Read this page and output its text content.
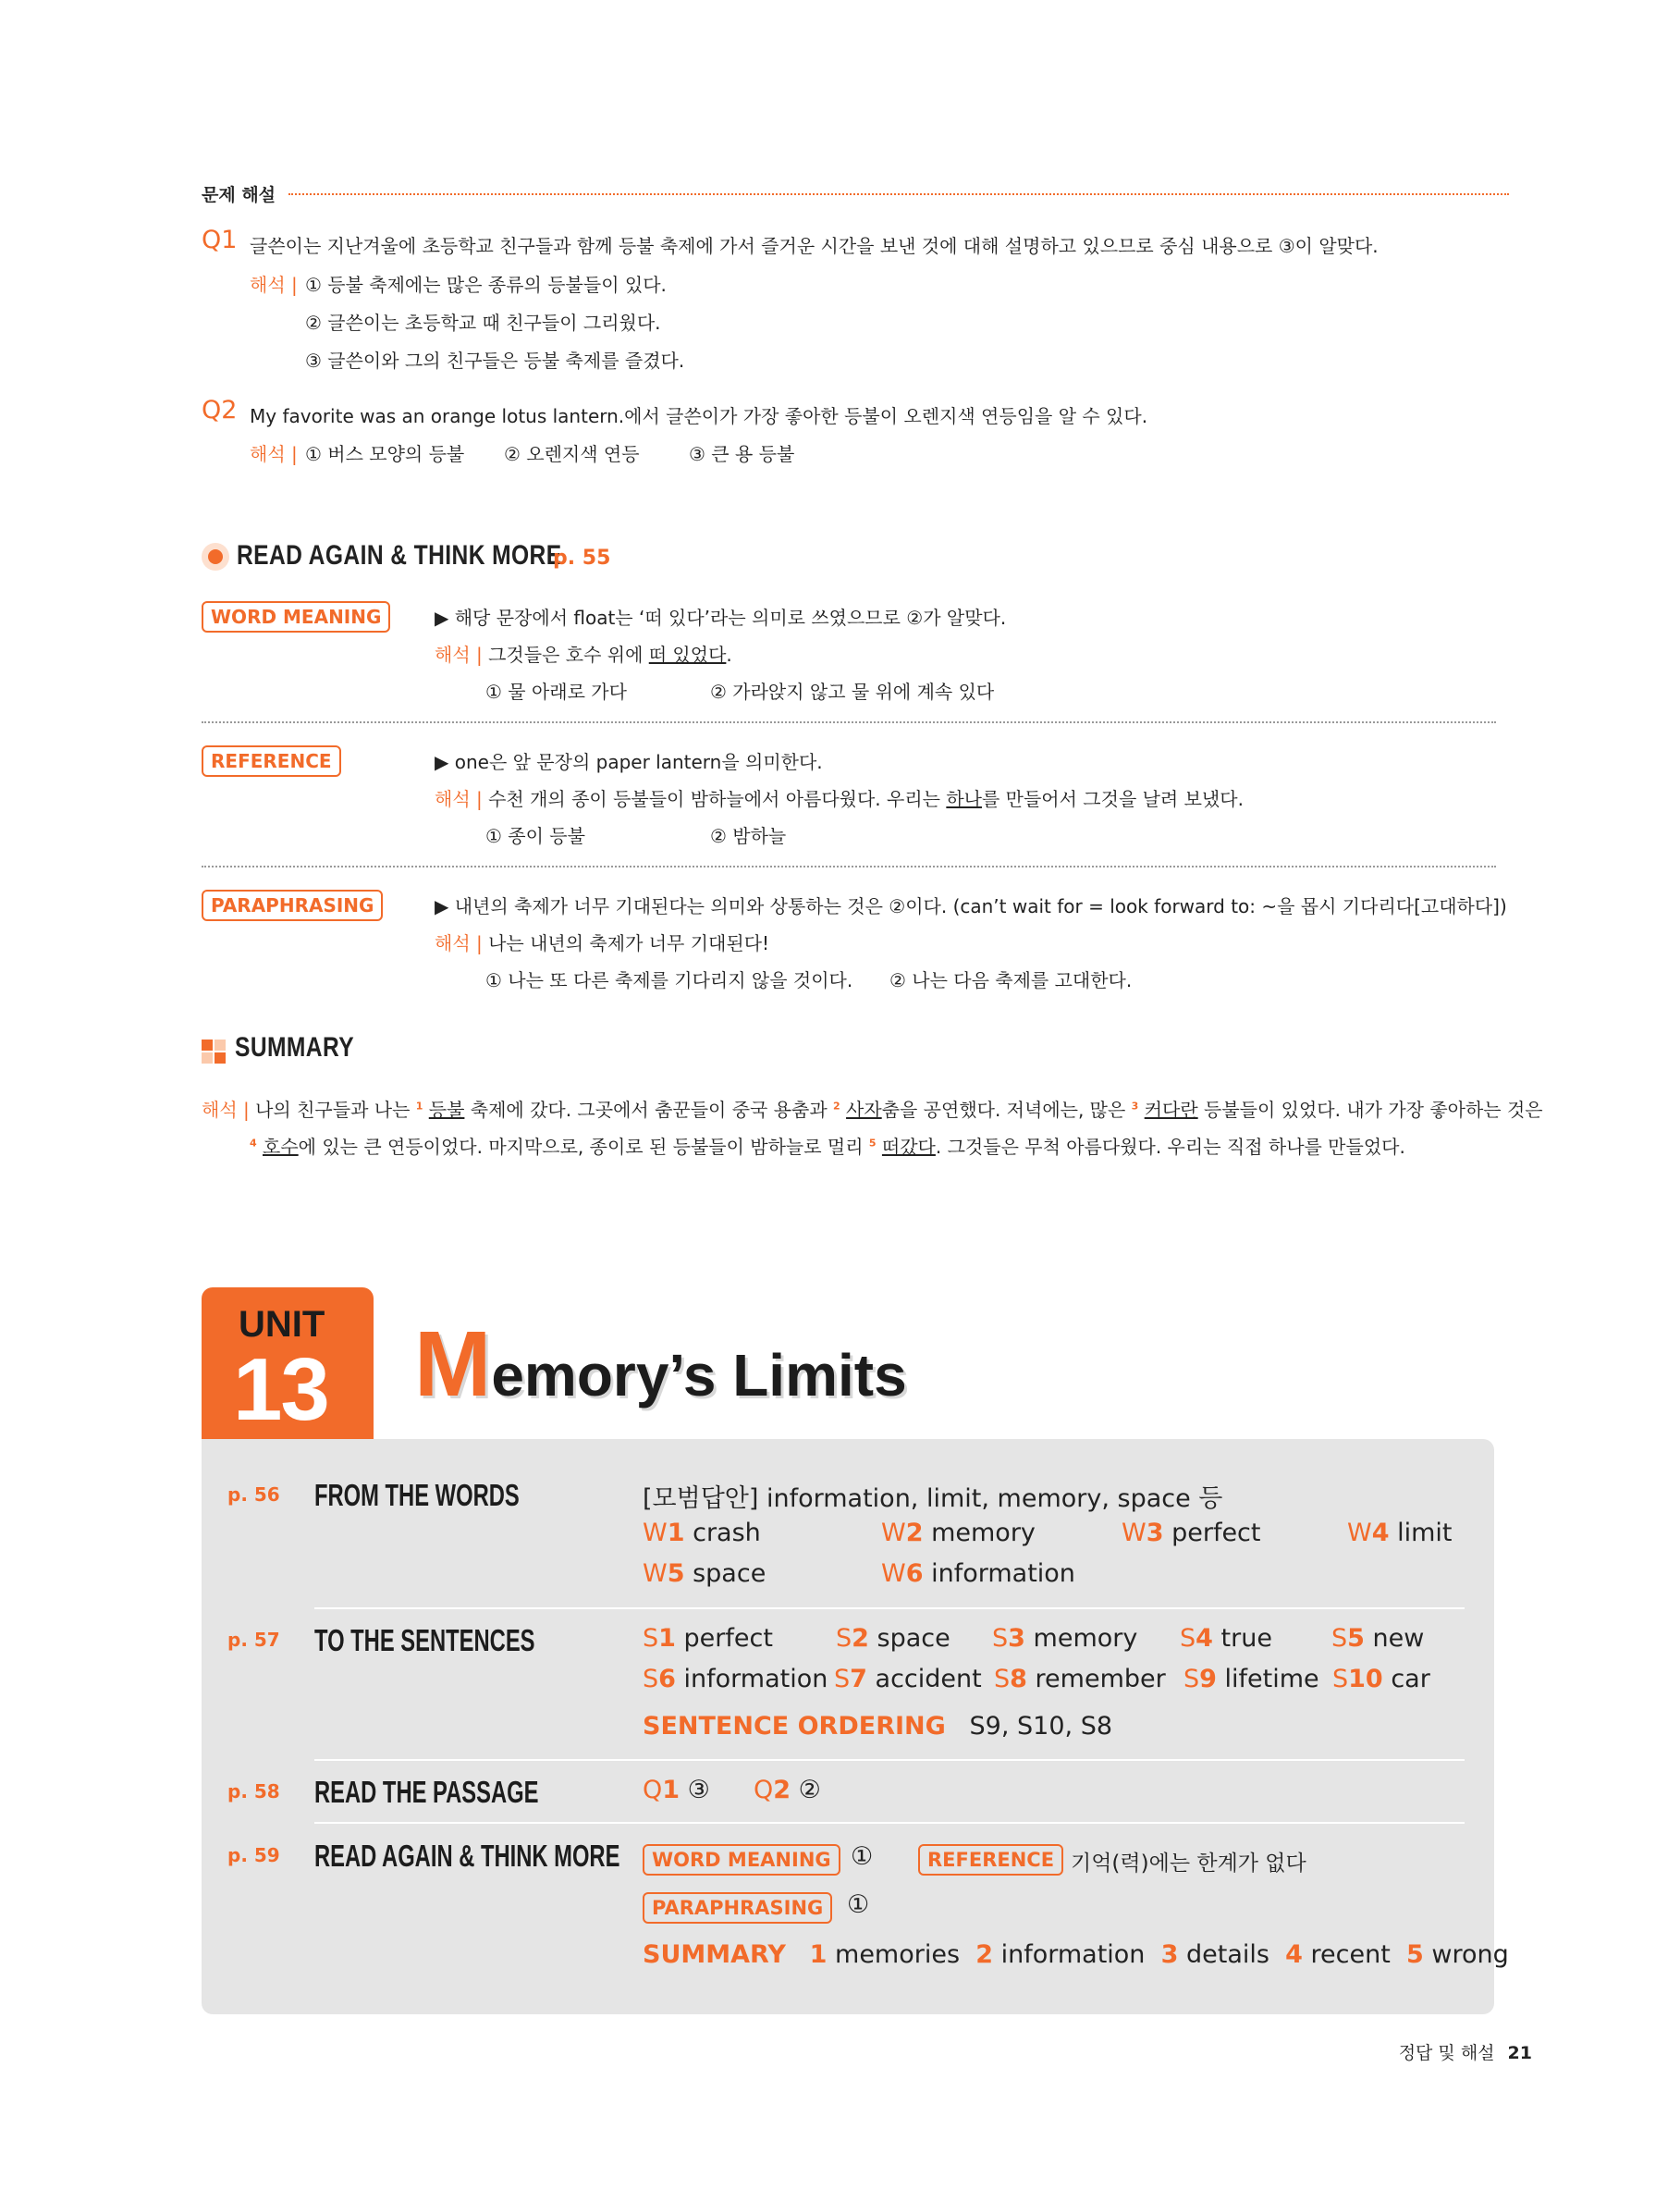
문제 해설
Q1 글쓴이는 지난겨울에 초등학교 친구들과 함께 등불 축제에 가서 즐거운 시간을 보낸 것에 대해 설명하고 있으므로 중심 내용으로 ③이 알맞다.
해석 | ① 등불 축제에는 많은 종류의 등불들이 있다.
② 글쓴이는 초등학교 때 친구들이 그리웠다.
③ 글쓴이와 그의 친구들은 등불 축제를 즐겼다.
Q2 My favorite was an orange lotus lantern.에서 글쓴이가 가장 좋아한 등불이 오렌지색 연등임을 알 수 있다.
해석 | ① 버스 모양의 등불 ② 오렌지색 연등	③ 큰 용 등불
READ AGAIN & THINK MORE
p. 55
WORD MEANING	▶ 해당 문장에서 float는 ‘떠 있다’라는 의미로 쓰였으므로 ②가 알맞다.
해석 | 그것들은 호수 위에 떠 있었다.
① 물 아래로 가다	② 가라앉지 않고 물 위에 계속 있다
REFERENCE	▶ one은 앞 문장의 paper lantern을 의미한다.
해석 | 수천 개의 종이 등불들이 밤하늘에서 아름다웠다. 우리는 하나를 만들어서 그것을 날려 보냈다.
① 종이 등불	② 밤하늘
PARAPHRASING	▶ 내년의 축제가 너무 기대된다는 의미와 상통하는 것은 ②이다. (can’t wait for = look forward to: ~을 몹시 기다리다[고대하다])
해석 | 나는 내년의 축제가 너무 기대된다!
① 나는 또 다른 축제를 기다리지 않을 것이다. ② 나는 다음 축제를 고대한다.
SUMMARY
해석 | 나의 친구들과 나는 $^1$ 등불 축제에 갔다. 그곳에서 춤꾼들이 중국 용춤과 $^2$ 사자춤을 공연했다. 저녁에는, 많은 $^3$ 커다란 등불들이 있었다. 내가 가장 좋아하는 것은
$^4$ 호수에 있는 큰 연등이었다. 마지막으로, 종이로 된 등불들이 밤하늘로 멀리 $^5$ 떠갔다. 그것들은 무척 아름다웠다. 우리는 직접 하나를 만들었다.
UNIT
13 Memory’s Limits
p. 56 FROM THE WORDS	[모범답안] information, limit, memory, space 등
W1 crash	W2 memory	W3 perfect	W4 limit
W5 space	W6 information
p. 57 TO THE SENTENCES	S1 perfect	S2 space S3 memory S4 true S5 new
S6 information S7 accident S8 remember S9 lifetime S10 car
SENTENCE ORDERING S9, S10, S8
p. 58 READ THE PASSAGE	Q1 ③ Q2 ②
p. 59 READ AGAIN & THINK MORE	WORD MEANING ①	REFERENCE 기억(력)에는 한계가 없다
PARAPHRASING ①
SUMMARY 1 memories 2 information 3 details 4 recent 5 wrong
정답 및 해설 21
